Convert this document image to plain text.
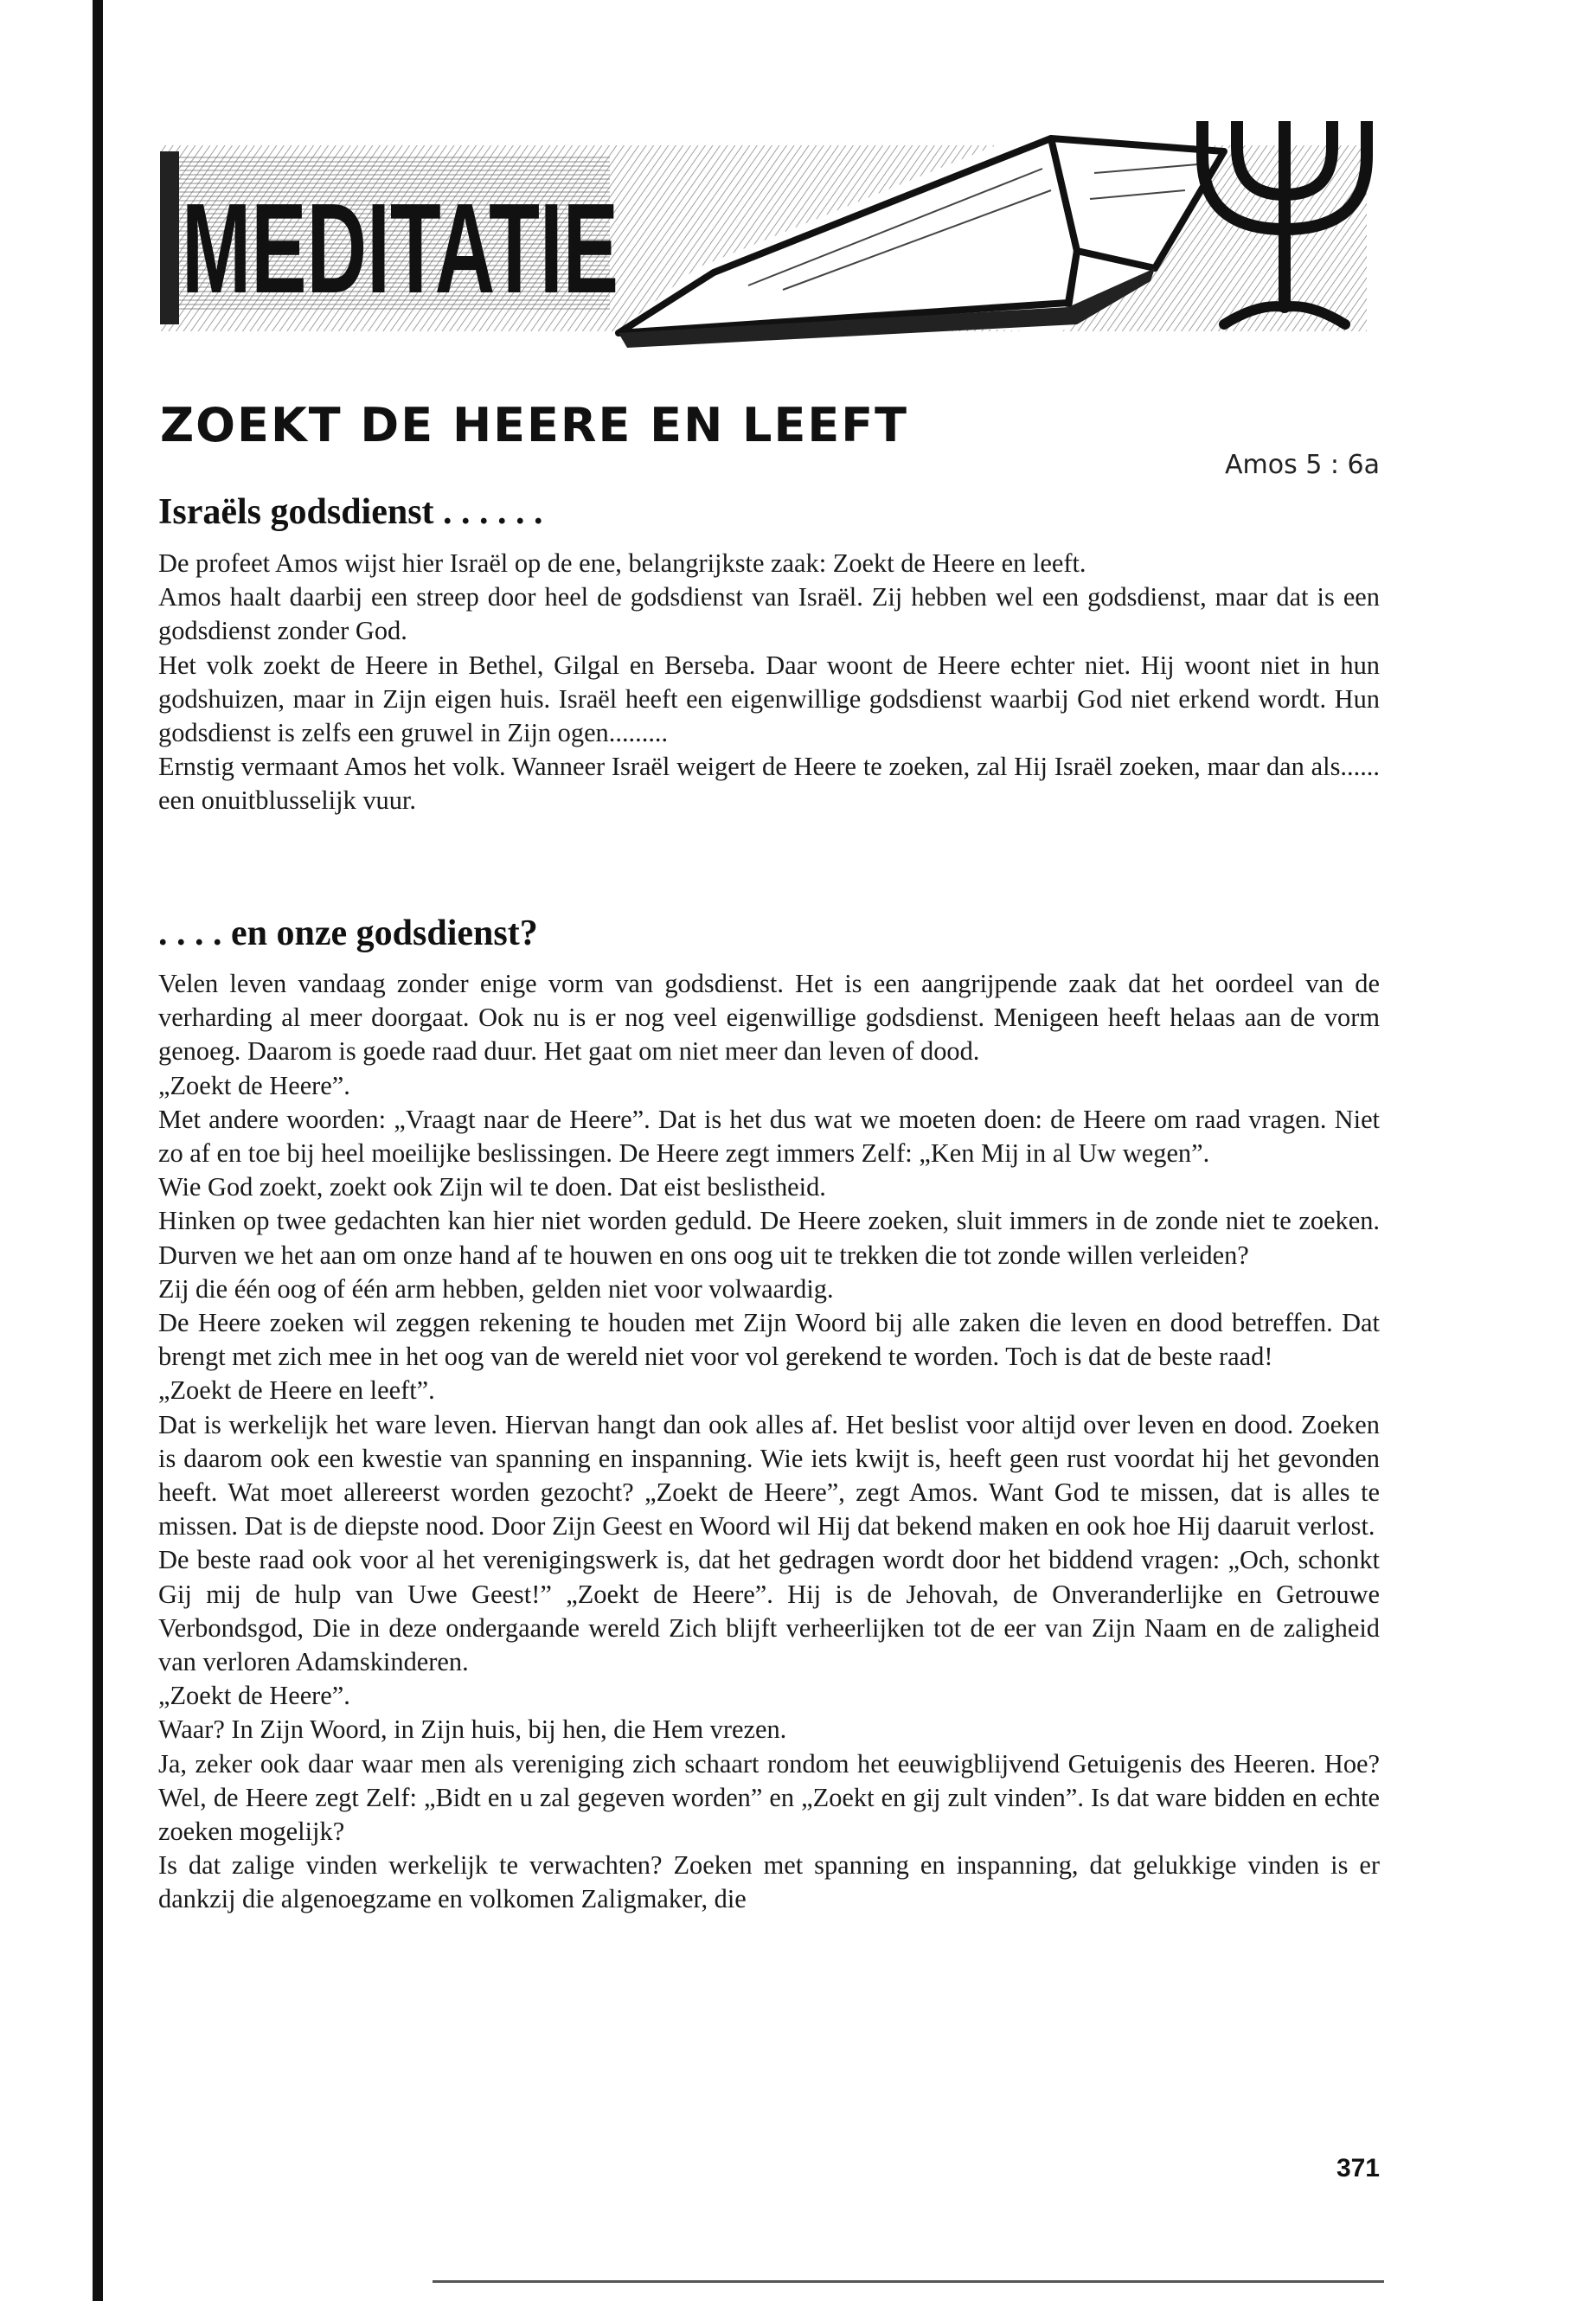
MEDITATIE
ZOEKT DE HEERE EN LEEFT
Amos 5 : 6a
Israëls godsdienst . . . . . .

De profeet Amos wijst hier Israël op de ene, belangrijkste zaak: Zoekt de Heere en leeft.

Amos haalt daarbij een streep door heel de godsdienst van Israël. Zij hebben wel een godsdienst, maar dat is een godsdienst zonder God.

Het volk zoekt de Heere in Bethel, Gilgal en Berseba. Daar woont de Heere echter niet. Hij woont niet in hun godshuizen, maar in Zijn eigen huis. Israël heeft een eigenwillige godsdienst waarbij God niet erkend wordt. Hun godsdienst is zelfs een gruwel in Zijn ogen.........

Ernstig vermaant Amos het volk. Wanneer Israël weigert de Heere te zoeken, zal Hij Israël zoeken, maar dan als...... een onuitblusselijk vuur.

. . . . en onze godsdienst?

Velen leven vandaag zonder enige vorm van godsdienst. Het is een aangrijpende zaak dat het oordeel van de verharding al meer doorgaat. Ook nu is er nog veel eigenwillige godsdienst. Menigeen heeft helaas aan de vorm genoeg. Daarom is goede raad duur. Het gaat om niet meer dan leven of dood.

„Zoekt de Heere”.

Met andere woorden: „Vraagt naar de Heere”. Dat is het dus wat we moeten doen: de Heere om raad vragen. Niet zo af en toe bij heel moeilijke beslissingen. De Heere zegt immers Zelf: „Ken Mij in al Uw wegen”.

Wie God zoekt, zoekt ook Zijn wil te doen. Dat eist beslistheid.

Hinken op twee gedachten kan hier niet worden geduld. De Heere zoeken, sluit immers in de zonde niet te zoeken. Durven we het aan om onze hand af te houwen en ons oog uit te trekken die tot zonde willen verleiden?

Zij die één oog of één arm hebben, gelden niet voor volwaardig.

De Heere zoeken wil zeggen rekening te houden met Zijn Woord bij alle zaken die leven en dood betreffen. Dat brengt met zich mee in het oog van de wereld niet voor vol gerekend te worden. Toch is dat de beste raad!

„Zoekt de Heere en leeft”.

Dat is werkelijk het ware leven. Hiervan hangt dan ook alles af. Het beslist voor altijd over leven en dood. Zoeken is daarom ook een kwestie van spanning en inspanning. Wie iets kwijt is, heeft geen rust voordat hij het gevonden heeft. Wat moet allereerst worden gezocht? „Zoekt de Heere”, zegt Amos. Want God te missen, dat is alles te missen. Dat is de diepste nood. Door Zijn Geest en Woord wil Hij dat bekend maken en ook hoe Hij daaruit verlost.

De beste raad ook voor al het verenigingswerk is, dat het gedragen wordt door het biddend vragen: „Och, schonkt Gij mij de hulp van Uwe Geest!” „Zoekt de Heere”. Hij is de Jehovah, de Onveranderlijke en Getrouwe Verbondsgod, Die in deze ondergaande wereld Zich blijft verheerlijken tot de eer van Zijn Naam en de zaligheid van verloren Adamskinderen.

„Zoekt de Heere”.

Waar? In Zijn Woord, in Zijn huis, bij hen, die Hem vrezen.

Ja, zeker ook daar waar men als vereniging zich schaart rondom het eeuwigblijvend Getuigenis des Heeren. Hoe? Wel, de Heere zegt Zelf: „Bidt en u zal gegeven worden” en „Zoekt en gij zult vinden”. Is dat ware bidden en echte zoeken mogelijk?

Is dat zalige vinden werkelijk te verwachten? Zoeken met spanning en inspanning, dat gelukkige vinden is er dankzij die algenoegzame en volkomen Zaligmaker, die

371
